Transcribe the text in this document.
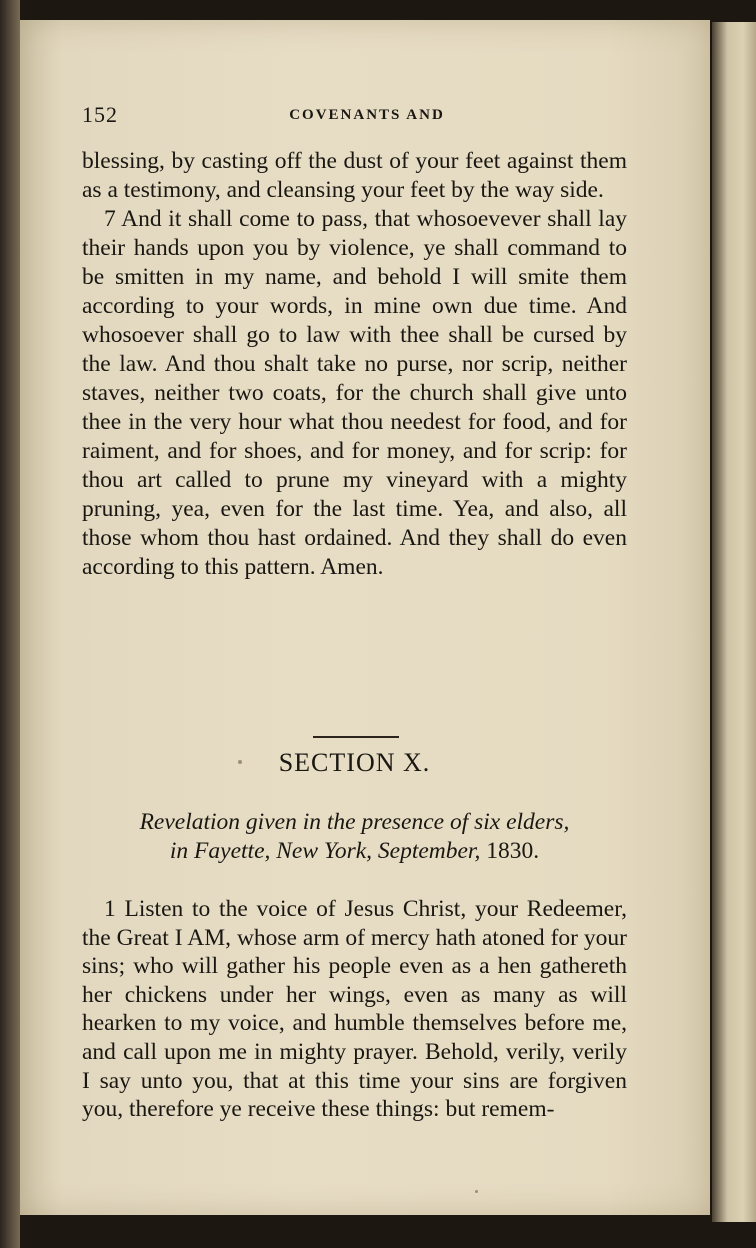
152	COVENANTS AND

blessing, by casting off the dust of your feet against them as a testimony, and cleansing your feet by the way side.

7 And it shall come to pass, that whosoevever shall lay their hands upon you by violence, ye shall command to be smitten in my name, and behold I will smite them according to your words, in mine own due time. And whosoever shall go to law with thee shall be cursed by the law. And thou shalt take no purse, nor scrip, neither staves, neither two coats, for the church shall give unto thee in the very hour what thou needest for food, and for raiment, and for shoes, and for money, and for scrip: for thou art called to prune my vineyard with a mighty pruning, yea, even for the last time. Yea, and also, all those whom thou hast ordained. And they shall do even according to this pattern. Amen.

SECTION X.
Revelation given in the presence of six elders,
in Fayette, New York, September, 1830.

1 Listen to the voice of Jesus Christ, your Redeemer, the Great I AM, whose arm of mercy hath atoned for your sins; who will gather his people even as a hen gathereth her chickens under her wings, even as many as will hearken to my voice, and humble themselves before me, and call upon me in mighty prayer. Behold, verily, verily I say unto you, that at this time your sins are forgiven you, therefore ye receive these things: but remem-
